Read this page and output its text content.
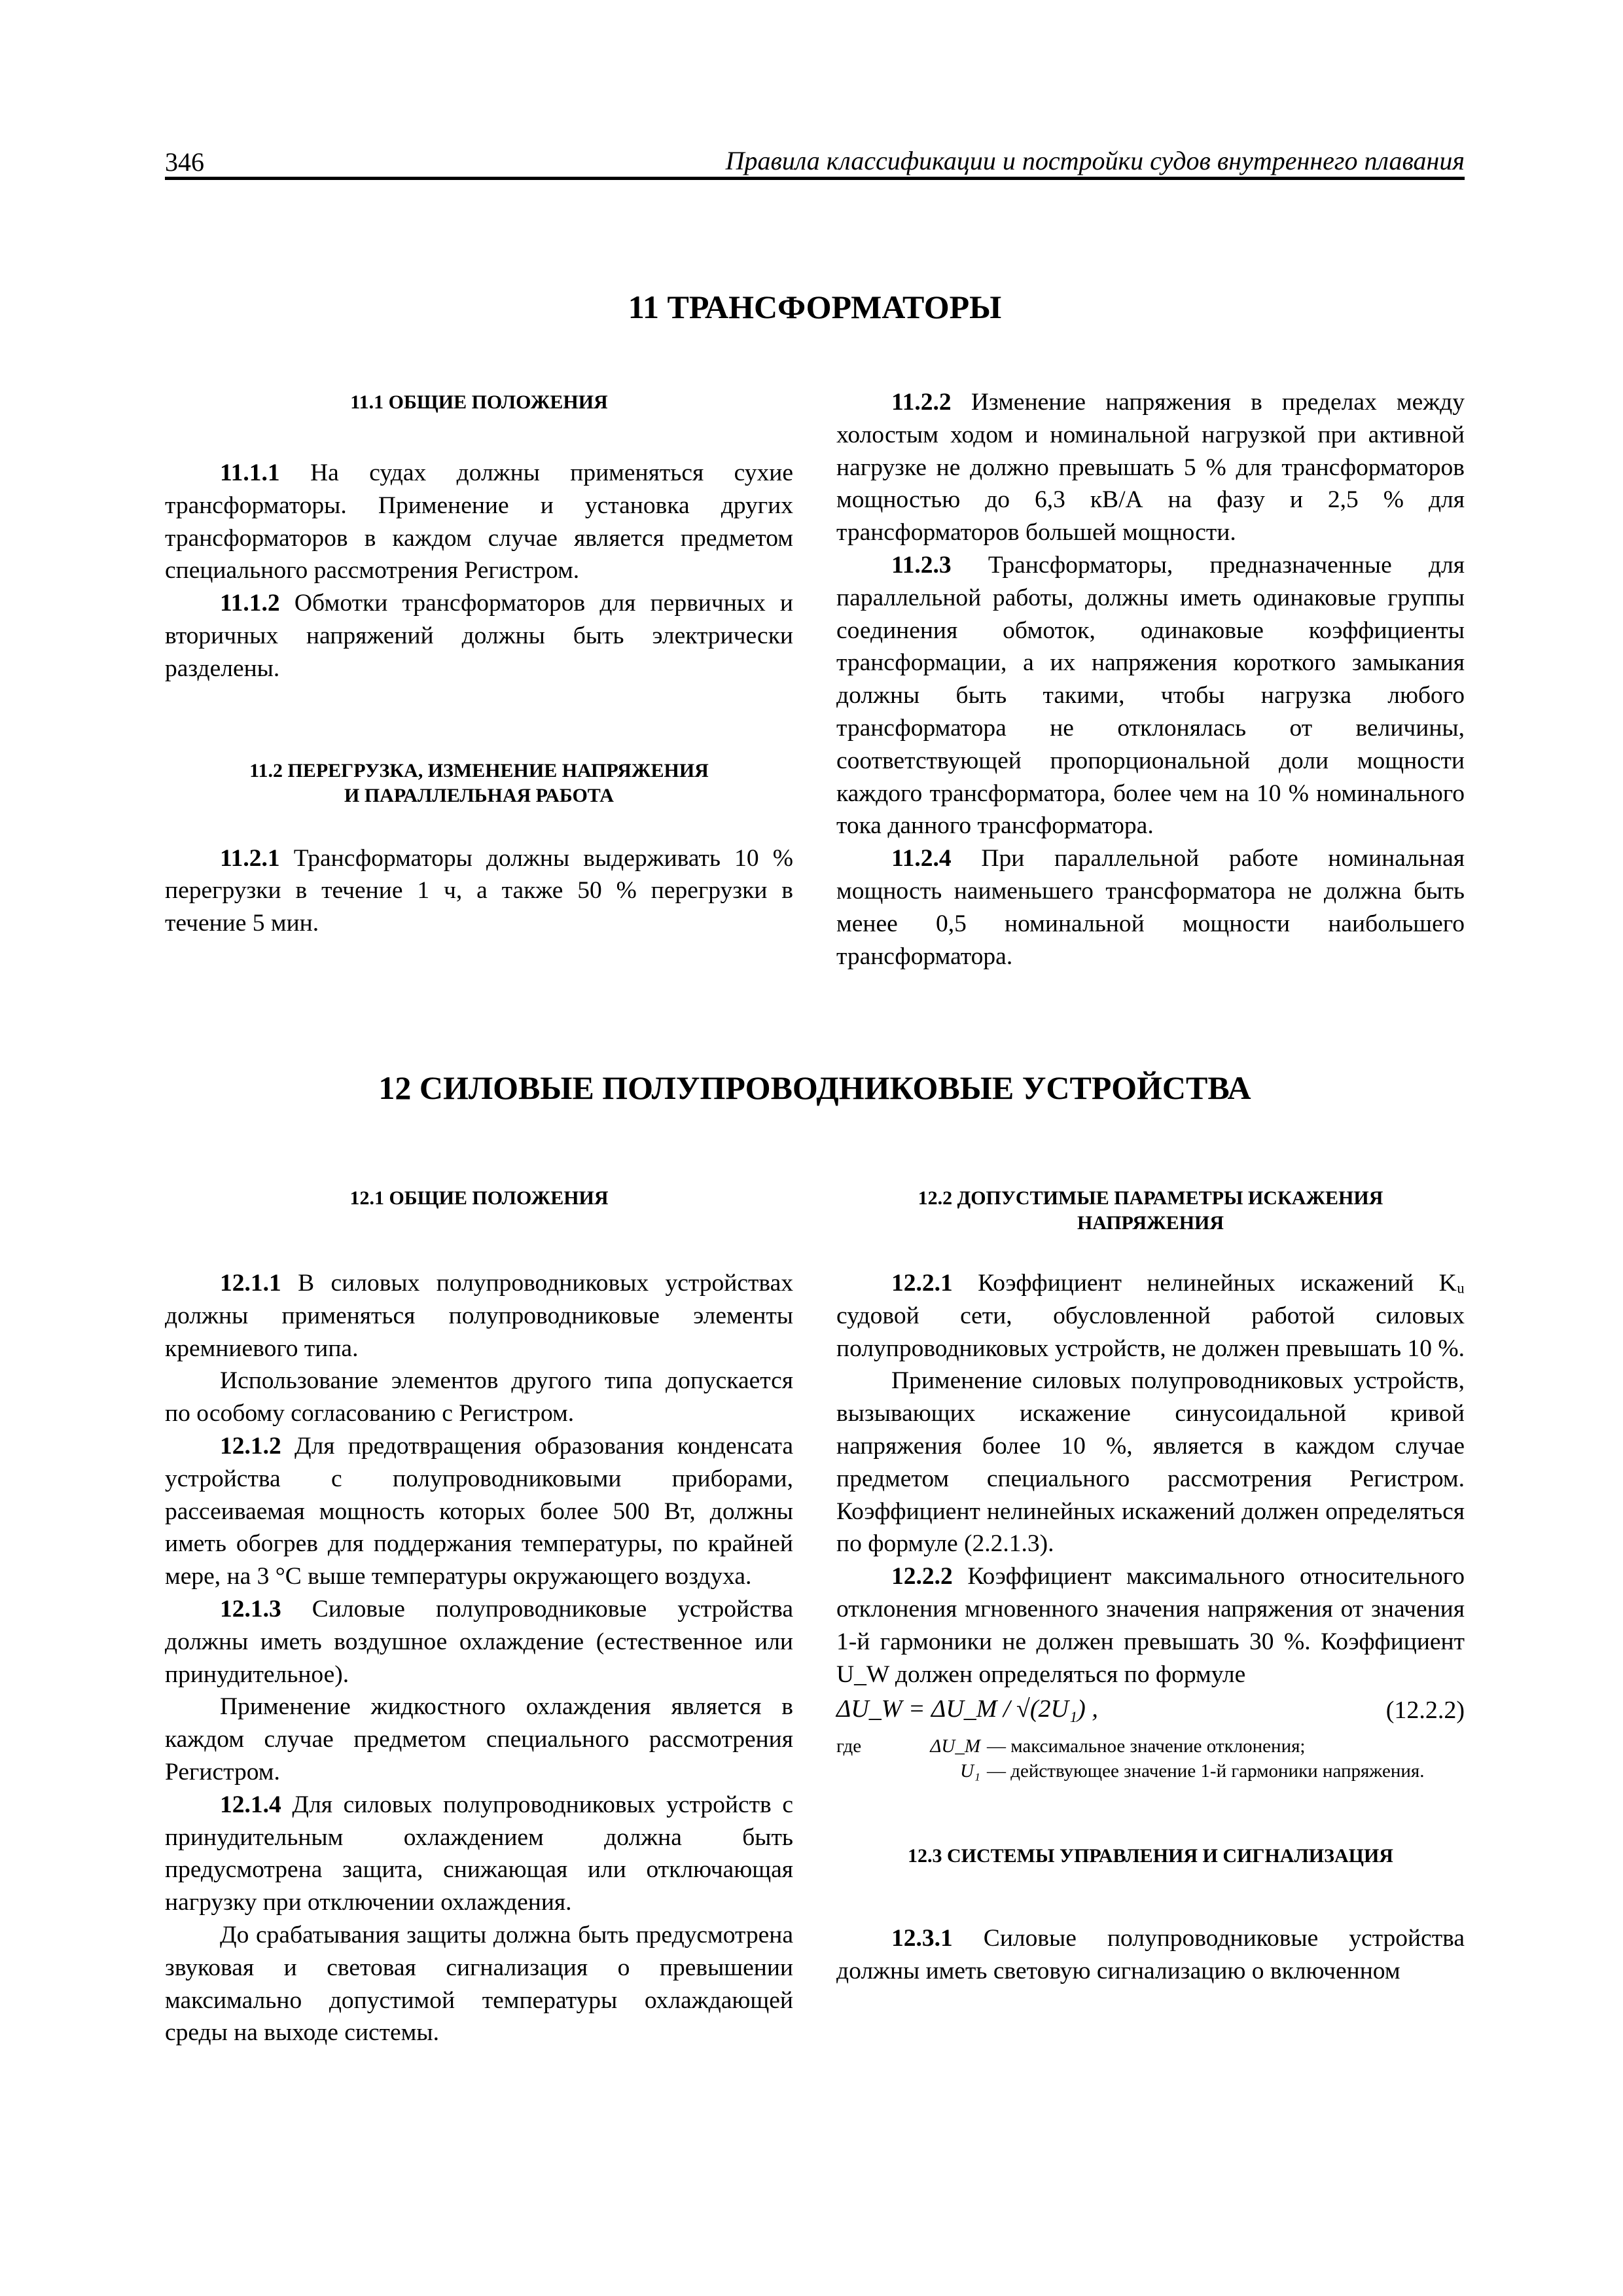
346	Правила классификации и постройки судов внутреннего плавания
11 ТРАНСФОРМАТОРЫ
11.1 ОБЩИЕ ПОЛОЖЕНИЯ

11.1.1 На судах должны применяться сухие трансформаторы. Применение и установка других трансформаторов в каждом случае является предметом специального рассмотрения Регистром.

11.1.2 Обмотки трансформаторов для первичных и вторичных напряжений должны быть электрически разделены.

11.2 ПЕРЕГРУЗКА, ИЗМЕНЕНИЕ НАПРЯЖЕНИЯ
И ПАРАЛЛЕЛЬНАЯ РАБОТА

11.2.1 Трансформаторы должны выдерживать 10 % перегрузки в течение 1 ч, а также 50 % перегрузки в течение 5 мин.

11.2.2 Изменение напряжения в пределах между холостым ходом и номинальной нагрузкой при активной нагрузке не должно превышать 5 % для трансформаторов мощностью до 6,3 кВ/А на фазу и 2,5 % для трансформаторов большей мощности.

11.2.3 Трансформаторы, предназначенные для параллельной работы, должны иметь одинаковые группы соединения обмоток, одинаковые коэффициенты трансформации, а их напряжения короткого замыкания должны быть такими, чтобы нагрузка любого трансформатора не отклонялась от величины, соответствующей пропорциональной доли мощности каждого трансформатора, более чем на 10 % номинального тока данного трансформатора.

11.2.4 При параллельной работе номинальная мощность наименьшего трансформатора не должна быть менее 0,5 номинальной мощности наибольшего трансформатора.

12 СИЛОВЫЕ ПОЛУПРОВОДНИКОВЫЕ УСТРОЙСТВА
12.1 ОБЩИЕ ПОЛОЖЕНИЯ

12.1.1 В силовых полупроводниковых устройствах должны применяться полупроводниковые элементы кремниевого типа.

Использование элементов другого типа допускается по особому согласованию с Регистром.

12.1.2 Для предотвращения образования конденсата устройства с полупроводниковыми приборами, рассеиваемая мощность которых более 500 Вт, должны иметь обогрев для поддержания температуры, по крайней мере, на 3 °С выше температуры окружающего воздуха.

12.1.3 Силовые полупроводниковые устройства должны иметь воздушное охлаждение (естественное или принудительное).

Применение жидкостного охлаждения является в каждом случае предметом специального рассмотрения Регистром.

12.1.4 Для силовых полупроводниковых устройств с принудительным охлаждением должна быть предусмотрена защита, снижающая или отключающая нагрузку при отключении охлаждения.

До срабатывания защиты должна быть предусмотрена звуковая и световая сигнализация о превышении максимально допустимой температуры охлаждающей среды на выходе системы.

12.2 ДОПУСТИМЫЕ ПАРАМЕТРЫ ИСКАЖЕНИЯ
НАПРЯЖЕНИЯ

12.2.1 Коэффициент нелинейных искажений Kᵤ судовой сети, обусловленной работой силовых полупроводниковых устройств, не должен превышать 10 %.

Применение силовых полупроводниковых устройств, вызывающих искажение синусоидальной кривой напряжения более 10 %, является в каждом случае предметом специального рассмотрения Регистром. Коэффициент нелинейных искажений должен определяться по формуле (2.2.1.3).

12.2.2 Коэффициент максимального относительного отклонения мгновенного значения напряжения от значения 1-й гармоники не должен превышать 30 %. Коэффициент U_W должен определяться по формуле

ΔU_W = ΔU_M / √(2U₁) ,	(12.2.2)
где	ΔU_M — максимальное значение отклонения;
U₁ — действующее значение 1-й гармоники напряжения.
12.3 СИСТЕМЫ УПРАВЛЕНИЯ И СИГНАЛИЗАЦИЯ

12.3.1 Силовые полупроводниковые устройства должны иметь световую сигнализацию о включенном
